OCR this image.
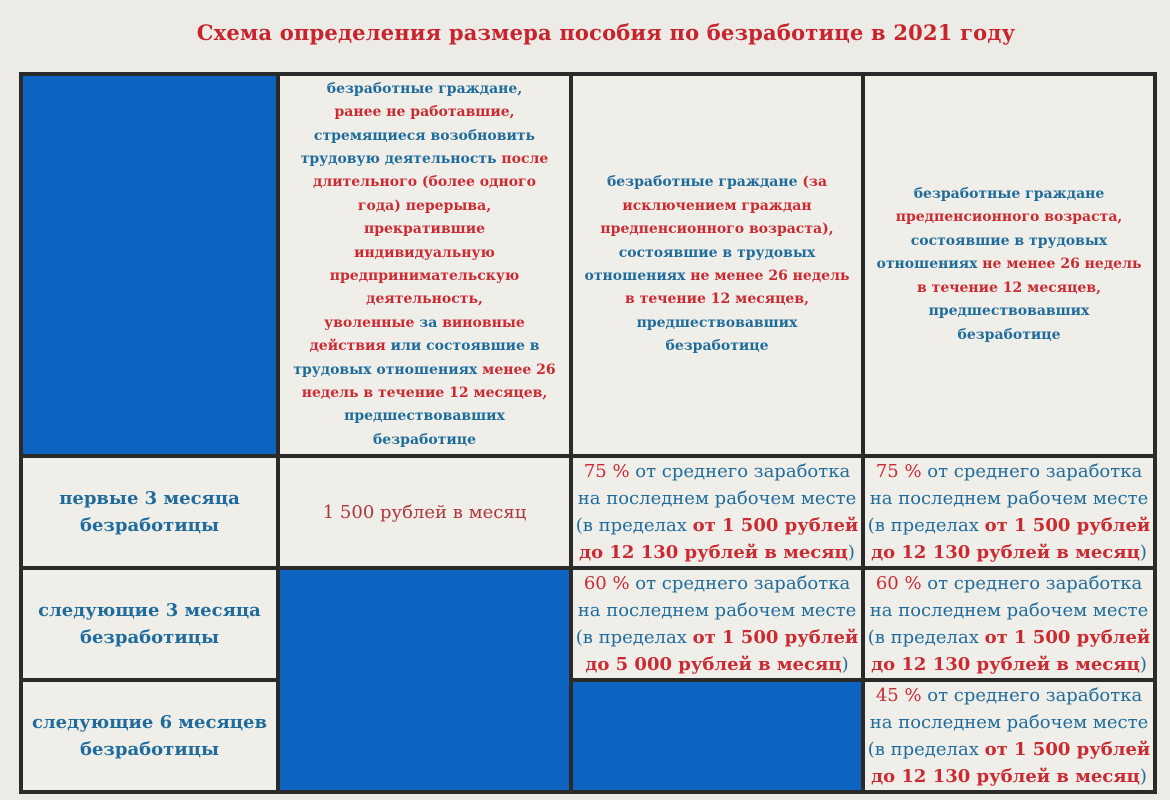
Схема определения размера пособия по безработице в 2021 году
безработные граждане,
ранее не работавшие,
стремящиеся возобновить
трудовую деятельность после
длительного (более одного
года) перерыва,
прекратившие
индивидуальную
предпринимательскую
деятельность,
уволенные за виновные
действия или состоявшие в
трудовых отношениях менее 26
недель в течение 12 месяцев,
предшествовавших
безработице
безработные граждане (за
исключением граждан
предпенсионного возраста),
состоявшие в трудовых
отношениях не менее 26 недель
в течение 12 месяцев,
предшествовавших
безработице
безработные граждане
предпенсионного возраста,
состоявшие в трудовых
отношениях не менее 26 недель
в течение 12 месяцев,
предшествовавших
безработице
первые 3 месяца
безработицы
1 500 рублей в месяц
75 % от среднего заработка
на последнем рабочем месте
(в пределах от 1 500 рублей
до 12 130 рублей в месяц)
75 % от среднего заработка
на последнем рабочем месте
(в пределах от 1 500 рублей
до 12 130 рублей в месяц)
следующие 3 месяца
безработицы
60 % от среднего заработка
на последнем рабочем месте
(в пределах от 1 500 рублей
до 5 000 рублей в месяц)
60 % от среднего заработка
на последнем рабочем месте
(в пределах от 1 500 рублей
до 12 130 рублей в месяц)
следующие 6 месяцев
безработицы
45 % от среднего заработка
на последнем рабочем месте
(в пределах от 1 500 рублей
до 12 130 рублей в месяц)
